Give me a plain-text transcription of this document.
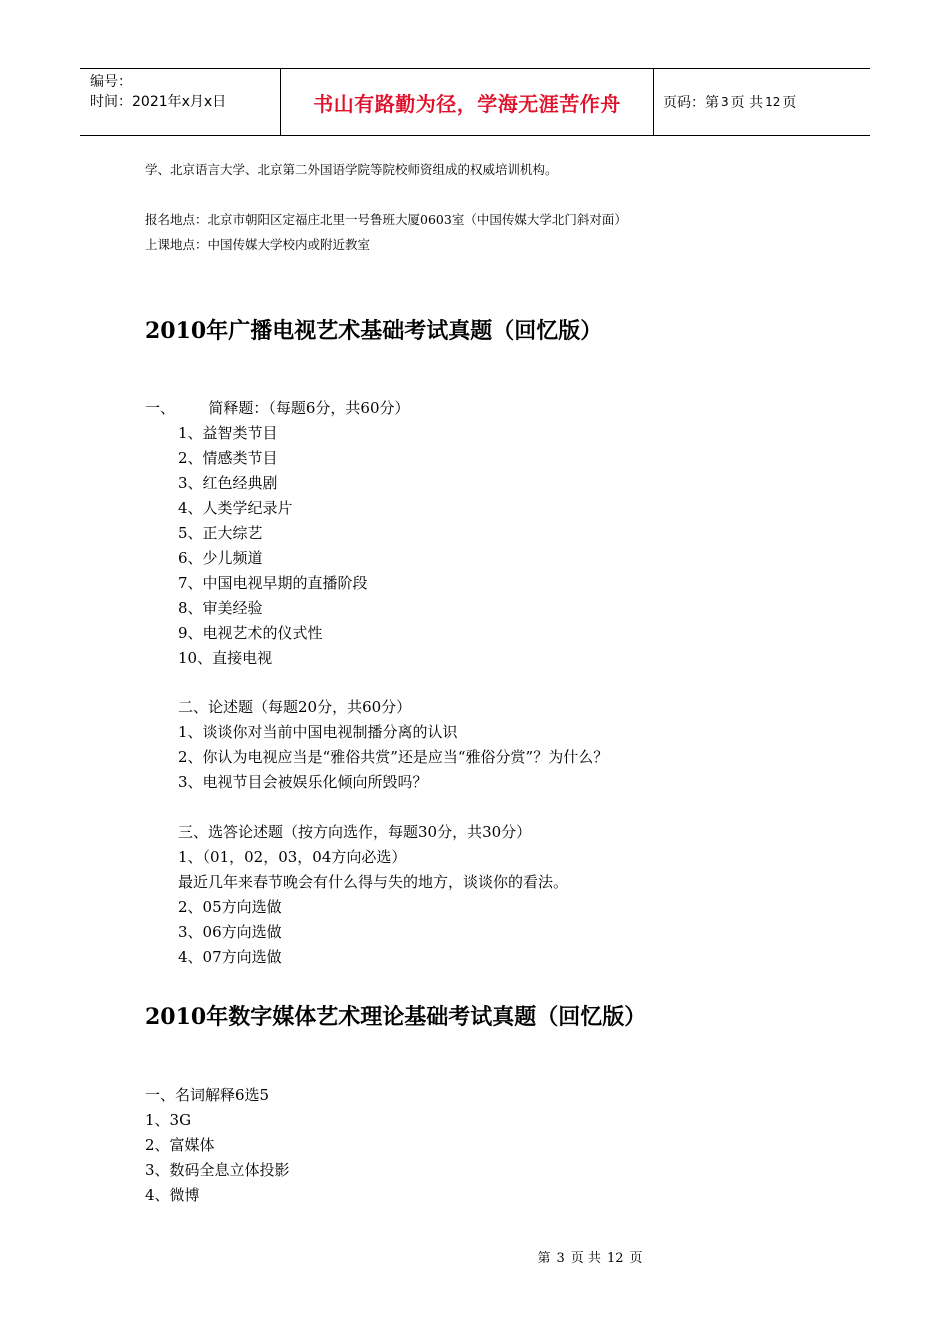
编号：
时间：2021年x月x日	书山有路勤为径，学海无涯苦作舟	页码：第 3 页 共 12 页
学、北京语言大学、北京第二外国语学院等院校师资组成的权威培训机构。
报名地点：北京市朝阳区定福庄北里一号鲁班大厦0603室（中国传媒大学北门斜对面）
上课地点：中国传媒大学校内或附近教室
2010年广播电视艺术基础考试真题（回忆版）
一、       简释题：（每题6分，共60分）
1、益智类节目
2、情感类节目
3、红色经典剧
4、人类学纪录片
5、正大综艺
6、少儿频道
7、中国电视早期的直播阶段
8、审美经验
9、电视艺术的仪式性
10、直接电视
二、论述题（每题20分，共60分）
1、谈谈你对当前中国电视制播分离的认识
2、你认为电视应当是“雅俗共赏”还是应当“雅俗分赏”？为什么？
3、电视节目会被娱乐化倾向所毁吗？
三、选答论述题（按方向选作，每题30分，共30分）
1、（01，02，03，04方向必选）
最近几年来春节晚会有什么得与失的地方，谈谈你的看法。
2、05方向选做
3、06方向选做
4、07方向选做
2010年数字媒体艺术理论基础考试真题（回忆版）
一、名词解释6选5
1、3G
2、富媒体
3、数码全息立体投影
4、微博
第 3 页 共 12 页
